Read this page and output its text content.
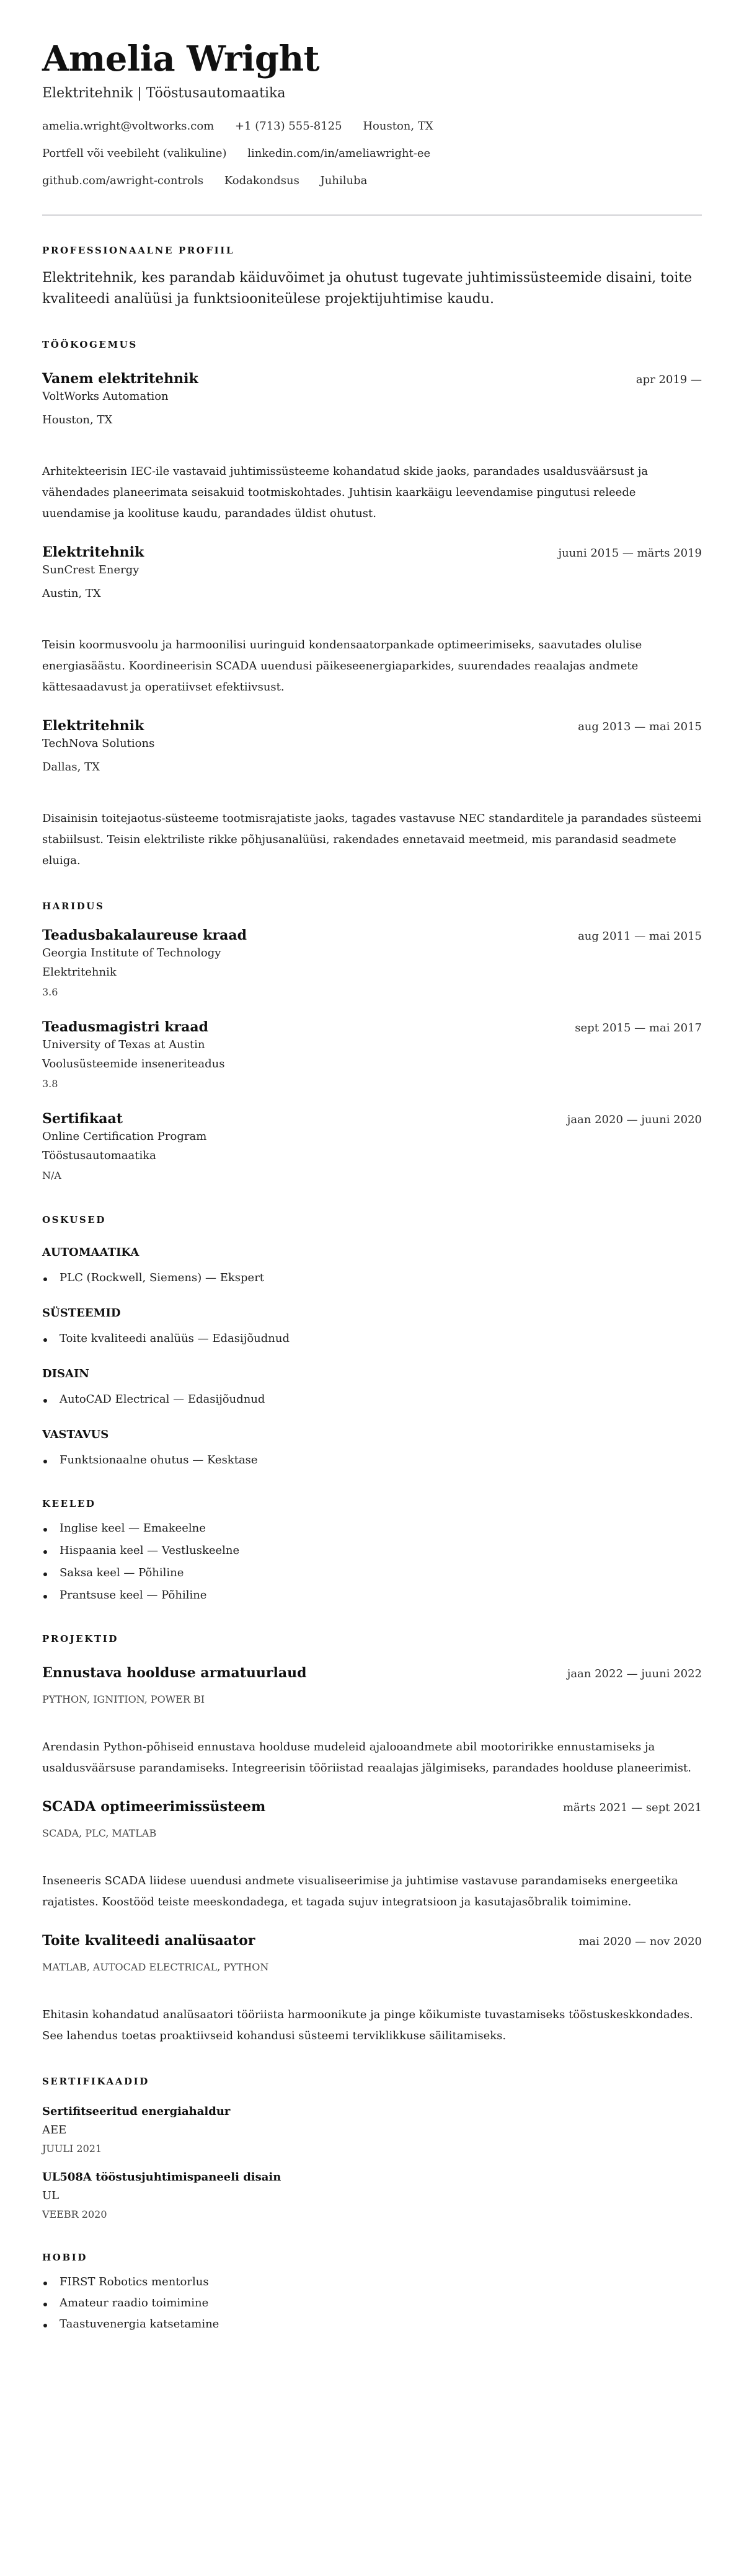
Amelia Wright
Elektritehnik | Tööstusautomaatika
amelia.wright@voltworks.com +1 (713) 555-8125 Houston, TX
Portfell või veebileht (valikuline) linkedin.com/in/ameliawright-ee
github.com/awright-controls Kodakondsus Juhiluba
PROFESSIONAALNE PROFIIL

Elektritehnik, kes parandab käiduvõimet ja ohutust tugevate juhtimissüsteemide disaini, toite kvaliteedi analüüsi ja funktsiooniteülese projektijuhtimise kaudu.

TÖÖKOGEMUS
Vanem elektritehnik	apr 2019 —
VoltWorks Automation
Houston, TX

Arhitekteerisin IEC-ile vastavaid juhtimissüsteeme kohandatud skide jaoks, parandades usaldusväärsust ja vähendades planeerimata seisakuid tootmiskohtades. Juhtisin kaarkäigu leevendamise pingutusi releede uuendamise ja koolituse kaudu, parandades üldist ohutust.

Elektritehnik	juuni 2015 — märts 2019
SunCrest Energy
Austin, TX

Teisin koormusvoolu ja harmoonilisi uuringuid kondensaatorpankade optimeerimiseks, saavutades olulise energiasäästu. Koordineerisin SCADA uuendusi päikeseenergiaparkides, suurendades reaalajas andmete kättesaadavust ja operatiivset efektiivsust.

Elektritehnik	aug 2013 — mai 2015
TechNova Solutions
Dallas, TX

Disainisin toitejaotus-süsteeme tootmisrajatiste jaoks, tagades vastavuse NEC standarditele ja parandades süsteemi stabiilsust. Teisin elektriliste rikke põhjusanalüüsi, rakendades ennetavaid meetmeid, mis parandasid seadmete eluiga.

HARIDUS
Teadusbakalaureuse kraad	aug 2011 — mai 2015
Georgia Institute of Technology
Elektritehnik
3.6
Teadusmagistri kraad	sept 2015 — mai 2017
University of Texas at Austin
Voolusüsteemide inseneriteadus
3.8
Sertifikaat	jaan 2020 — juuni 2020
Online Certification Program
Tööstusautomaatika
N/A
OSKUSED
AUTOMAATIKA
PLC (Rockwell, Siemens) — Ekspert
SÜSTEEMID
Toite kvaliteedi analüüs — Edasijõudnud
DISAIN
AutoCAD Electrical — Edasijõudnud
VASTAVUS
Funktsionaalne ohutus — Kesktase
KEELED
Inglise keel — Emakeelne
Hispaania keel — Vestluskeelne
Saksa keel — Põhiline
Prantsuse keel — Põhiline
PROJEKTID
Ennustava hoolduse armatuurlaud	jaan 2022 — juuni 2022
PYTHON, IGNITION, POWER BI

Arendasin Python-põhiseid ennustava hoolduse mudeleid ajalooandmete abil mootoririkke ennustamiseks ja usaldusväärsuse parandamiseks. Integreerisin tööriistad reaalajas jälgimiseks, parandades hoolduse planeerimist.

SCADA optimeerimissüsteem	märts 2021 — sept 2021
SCADA, PLC, MATLAB

Inseneeris SCADA liidese uuendusi andmete visualiseerimise ja juhtimise vastavuse parandamiseks energeetika rajatistes. Koostööd teiste meeskondadega, et tagada sujuv integratsioon ja kasutajasõbralik toimimine.

Toite kvaliteedi analüsaator	mai 2020 — nov 2020
MATLAB, AUTOCAD ELECTRICAL, PYTHON

Ehitasin kohandatud analüsaatori tööriista harmoonikute ja pinge kõikumiste tuvastamiseks tööstuskeskkondades. See lahendus toetas proaktiivseid kohandusi süsteemi terviklikkuse säilitamiseks.

SERTIFIKAADID
Sertifitseeritud energiahaldur
AEE
JUULI 2021
UL508A tööstusjuhtimispaneeli disain
UL
VEEBR 2020
HOBID
FIRST Robotics mentorlus
Amateur raadio toimimine
Taastuvenergia katsetamine
